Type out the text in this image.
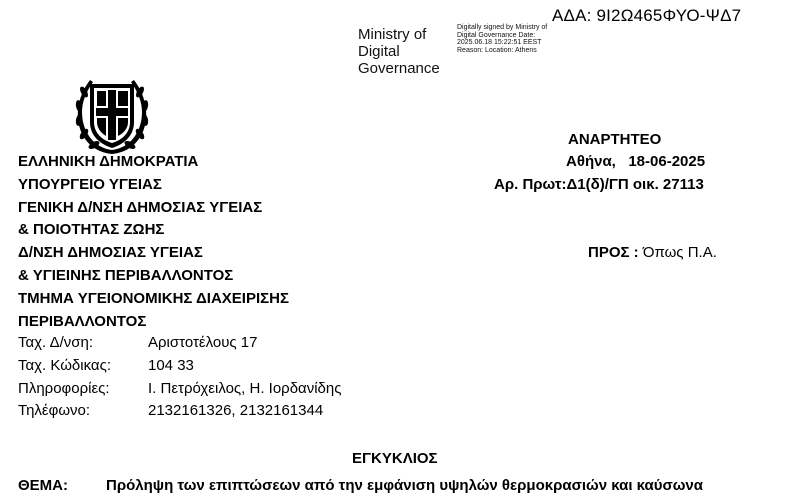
ΑΔΑ: 9Ι2Ω465ΦΥΟ-ΨΔ7
Ministry of Digital Governance
Digitally signed by Ministry of Digital Governance Date: 2025.06.18 15:22:51 EEST Reason: Location: Athens
ΕΛΛΗΝΙΚΗ ΔΗΜΟΚΡΑΤΙΑ
ΥΠΟΥΡΓΕΙΟ ΥΓΕΙΑΣ
ΓΕΝΙΚΗ Δ/ΝΣΗ ΔΗΜΟΣΙΑΣ ΥΓΕΙΑΣ
& ΠΟΙΟΤΗΤΑΣ ΖΩΗΣ
Δ/ΝΣΗ ΔΗΜΟΣΙΑΣ ΥΓΕΙΑΣ
& ΥΓΙΕΙΝΗΣ ΠΕΡΙΒΑΛΛΟΝΤΟΣ
ΤΜΗΜΑ ΥΓΕΙΟΝΟΜΙΚΗΣ ΔΙΑΧΕΙΡΙΣΗΣ
ΠΕΡΙΒΑΛΛΟΝΤΟΣ
ΑΝΑΡΤΗΤΕΟ
Αθήνα,   18-06-2025
Αρ. Πρωτ:Δ1(δ)/ΓΠ οικ. 27113
ΠΡΟΣ : Όπως Π.Α.
Ταχ. Δ/νση:	Αριστοτέλους 17
Ταχ. Κώδικας: 104 33
Πληροφορίες:	Ι. Πετρόχειλος, Η. Ιορδανίδης
Τηλέφωνο:	2132161326, 2132161344
ΕΓΚΥΚΛΙΟΣ
ΘΕΜΑ:	Πρόληψη των επιπτώσεων από την εμφάνιση υψηλών θερμοκρασιών και καύσωνα
